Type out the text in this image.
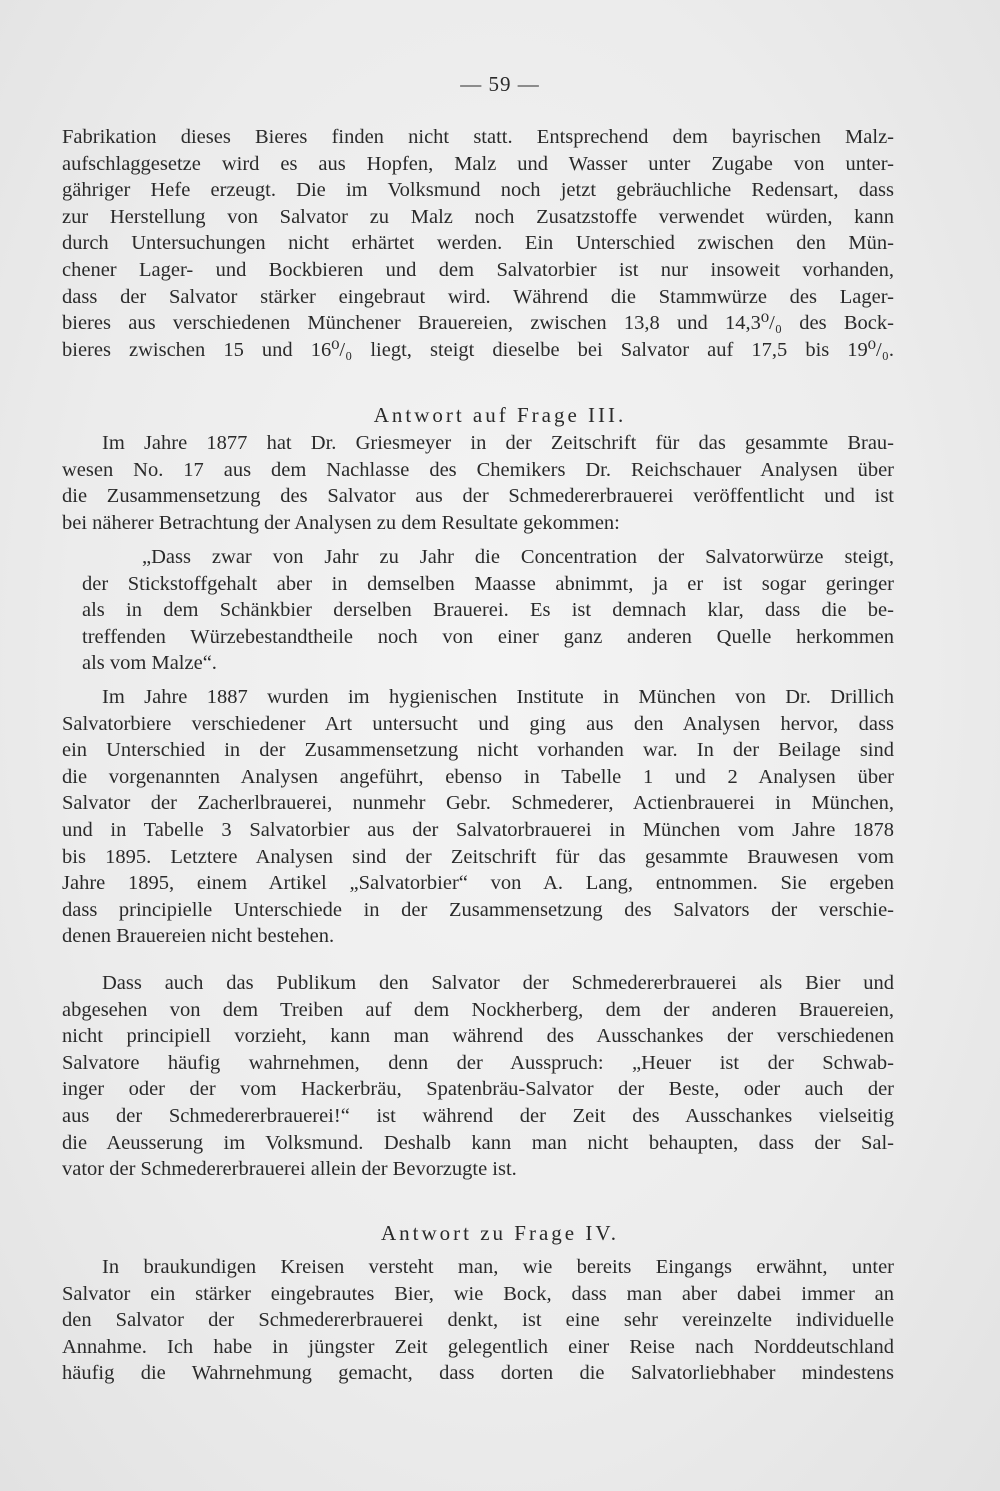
— 59 —
Fabrikation dieses Bieres finden nicht statt. Entsprechend dem bayrischen Malz-
aufschlaggesetze wird es aus Hopfen, Malz und Wasser unter Zugabe von unter-
gähriger Hefe erzeugt. Die im Volksmund noch jetzt gebräuchliche Redensart, dass
zur Herstellung von Salvator zu Malz noch Zusatzstoffe verwendet würden, kann
durch Untersuchungen nicht erhärtet werden. Ein Unterschied zwischen den Mün-
chener Lager- und Bockbieren und dem Salvatorbier ist nur insoweit vorhanden,
dass der Salvator stärker eingebraut wird. Während die Stammwürze des Lager-
bieres aus verschiedenen Münchener Brauereien, zwischen 13,8 und 14,3⁰/₀ des Bock-
bieres zwischen 15 und 16⁰/₀ liegt, steigt dieselbe bei Salvator auf 17,5 bis 19⁰/₀.
Antwort auf Frage III.
Im Jahre 1877 hat Dr. Griesmeyer in der Zeitschrift für das gesammte Brau-
wesen No. 17 aus dem Nachlasse des Chemikers Dr. Reichschauer Analysen über
die Zusammensetzung des Salvator aus der Schmedererbrauerei veröffentlicht und ist
bei näherer Betrachtung der Analysen zu dem Resultate gekommen:
„Dass zwar von Jahr zu Jahr die Concentration der Salvatorwürze steigt,
der Stickstoffgehalt aber in demselben Maasse abnimmt, ja er ist sogar geringer
als in dem Schänkbier derselben Brauerei. Es ist demnach klar, dass die be-
treffenden Würzebestandtheile noch von einer ganz anderen Quelle herkommen
als vom Malze“.
Im Jahre 1887 wurden im hygienischen Institute in München von Dr. Drillich
Salvatorbiere verschiedener Art untersucht und ging aus den Analysen hervor, dass
ein Unterschied in der Zusammensetzung nicht vorhanden war. In der Beilage sind
die vorgenannten Analysen angeführt, ebenso in Tabelle 1 und 2 Analysen über
Salvator der Zacherlbrauerei, nunmehr Gebr. Schmederer, Actienbrauerei in München,
und in Tabelle 3 Salvatorbier aus der Salvatorbrauerei in München vom Jahre 1878
bis 1895. Letztere Analysen sind der Zeitschrift für das gesammte Brauwesen vom
Jahre 1895, einem Artikel „Salvatorbier“ von A. Lang, entnommen. Sie ergeben
dass principielle Unterschiede in der Zusammensetzung des Salvators der verschie-
denen Brauereien nicht bestehen.
Dass auch das Publikum den Salvator der Schmedererbrauerei als Bier und
abgesehen von dem Treiben auf dem Nockherberg, dem der anderen Brauereien,
nicht principiell vorzieht, kann man während des Ausschankes der verschiedenen
Salvatore häufig wahrnehmen, denn der Ausspruch: „Heuer ist der Schwab-
inger oder der vom Hackerbräu, Spatenbräu-Salvator der Beste, oder auch der
aus der Schmedererbrauerei!“ ist während der Zeit des Ausschankes vielseitig
die Aeusserung im Volksmund. Deshalb kann man nicht behaupten, dass der Sal-
vator der Schmedererbrauerei allein der Bevorzugte ist.
Antwort zu Frage IV.
In braukundigen Kreisen versteht man, wie bereits Eingangs erwähnt, unter
Salvator ein stärker eingebrautes Bier, wie Bock, dass man aber dabei immer an
den Salvator der Schmedererbrauerei denkt, ist eine sehr vereinzelte individuelle
Annahme. Ich habe in jüngster Zeit gelegentlich einer Reise nach Norddeutschland
häufig die Wahrnehmung gemacht, dass dorten die Salvatorliebhaber mindestens
